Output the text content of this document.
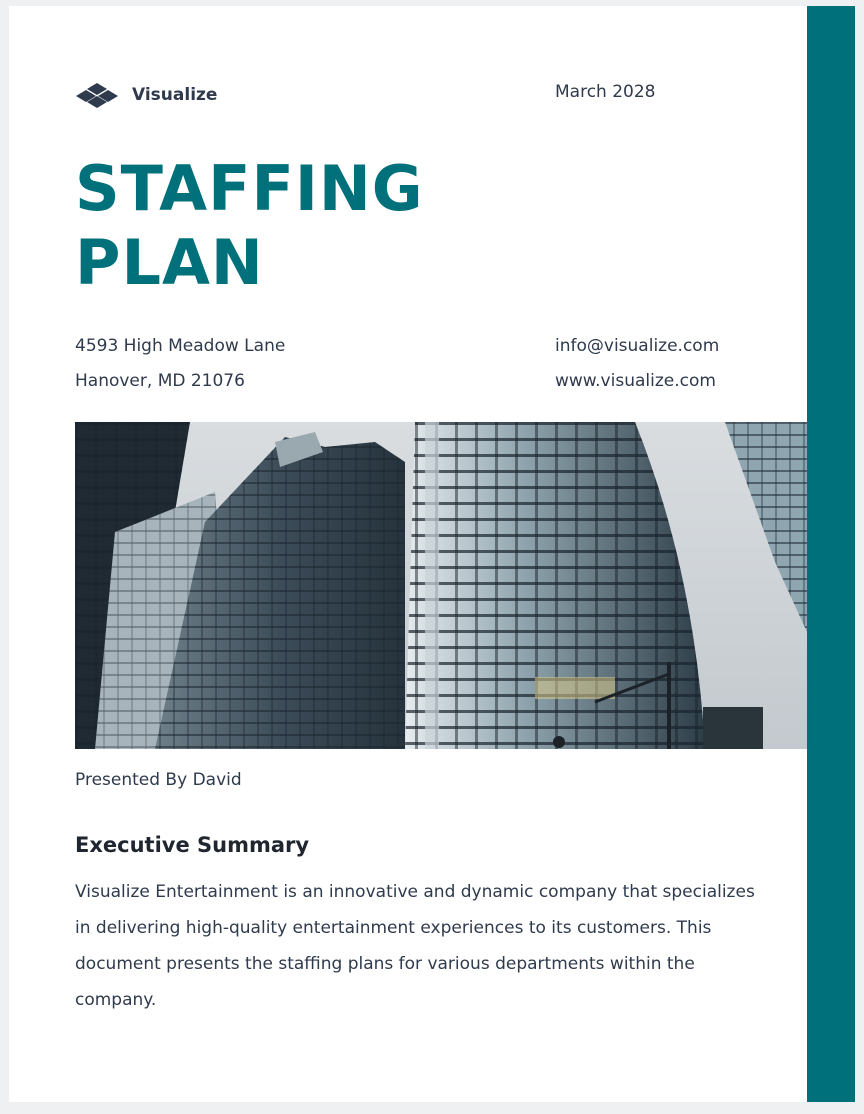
Visualize	March 2028
STAFFING
PLAN
4593 High Meadow Lane
Hanover, MD 21076
info@visualize.com
www.visualize.com
Presented By David
Executive Summary

Visualize Entertainment is an innovative and dynamic company that specializes in delivering high-quality entertainment experiences to its customers. This document presents the staffing plans for various departments within the company.
